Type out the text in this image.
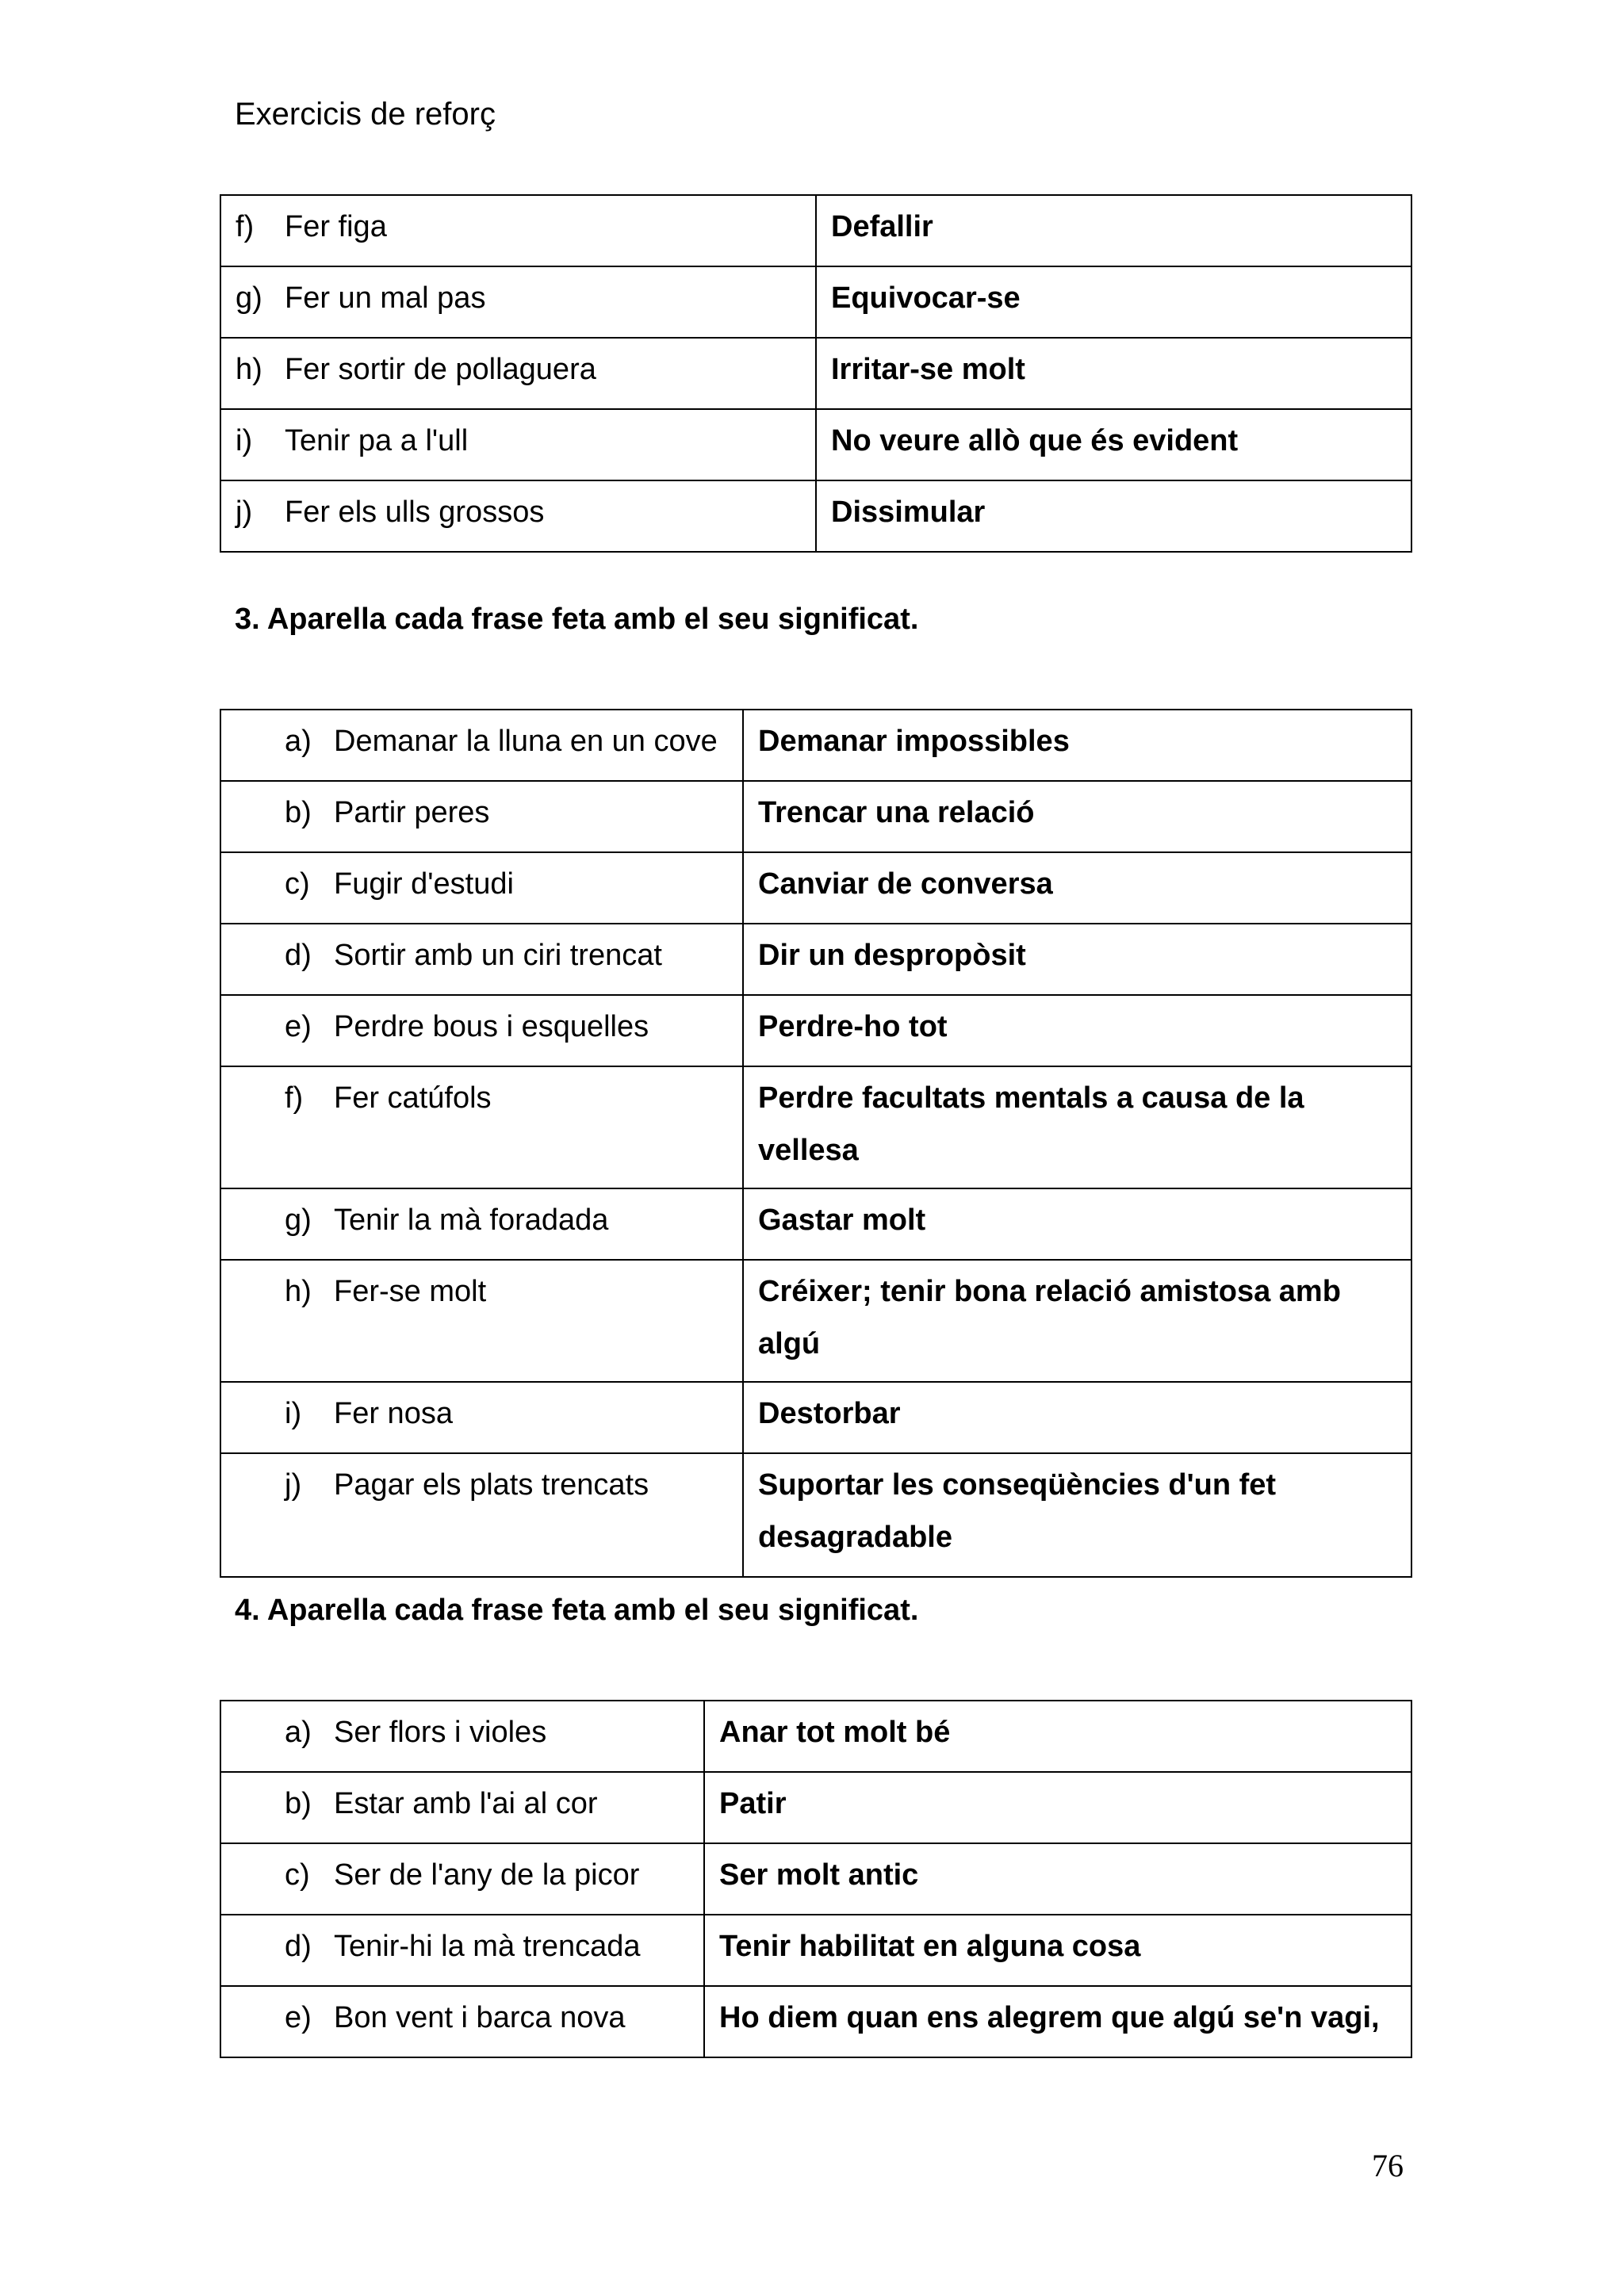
Exercicis de reforç
f) Fer figa	Defallir
g) Fer un mal pas	Equivocar-se
h) Fer sortir de pollaguera	Irritar-se molt
i) Tenir pa a l'ull	No veure allò que és evident
j) Fer els ulls grossos	Dissimular
3. Aparella cada frase feta amb el seu significat.
a) Demanar la lluna en un cove	Demanar impossibles
b) Partir peres	Trencar una relació
c) Fugir d'estudi	Canviar de conversa
d) Sortir amb un ciri trencat	Dir un despropòsit
e) Perdre bous i esquelles	Perdre-ho tot
f) Fer catúfols	Perdre facultats mentals a causa de la vellesa
g) Tenir la mà foradada	Gastar molt
h) Fer-se molt	Créixer; tenir bona relació amistosa amb algú
i) Fer nosa	Destorbar
j) Pagar els plats trencats	Suportar les conseqüències d'un fet desagradable
4. Aparella cada frase feta amb el seu significat.
a) Ser flors i violes	Anar tot molt bé
b) Estar amb l'ai al cor	Patir
c) Ser de l'any de la picor	Ser molt antic
d) Tenir-hi la mà trencada	Tenir habilitat en alguna cosa
e) Bon vent i barca nova	Ho diem quan ens alegrem que algú se'n vagi,
76
